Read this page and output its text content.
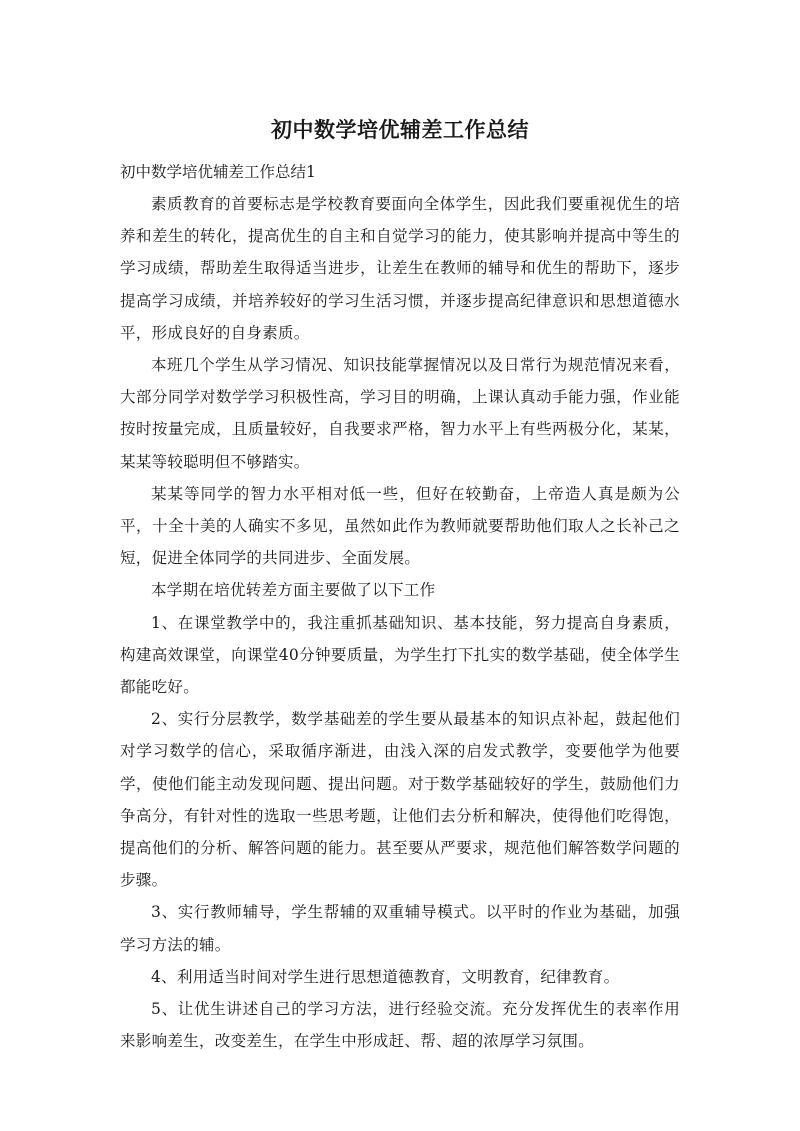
初中数学培优辅差工作总结

初中数学培优辅差工作总结1

素质教育的首要标志是学校教育要面向全体学生，因此我们要重视优生的培养和差生的转化，提高优生的自主和自觉学习的能力，使其影响并提高中等生的学习成绩，帮助差生取得适当进步，让差生在教师的辅导和优生的帮助下，逐步提高学习成绩，并培养较好的学习生活习惯，并逐步提高纪律意识和思想道德水平，形成良好的自身素质。

本班几个学生从学习情况、知识技能掌握情况以及日常行为规范情况来看，大部分同学对数学学习积极性高，学习目的明确，上课认真动手能力强，作业能按时按量完成，且质量较好，自我要求严格，智力水平上有些两极分化，某某，某某等较聪明但不够踏实。

某某等同学的智力水平相对低一些，但好在较勤奋，上帝造人真是颇为公平，十全十美的人确实不多见，虽然如此作为教师就要帮助他们取人之长补己之短，促进全体同学的共同进步、全面发展。

本学期在培优转差方面主要做了以下工作

1、在课堂教学中的，我注重抓基础知识、基本技能，努力提高自身素质，构建高效课堂，向课堂40分钟要质量，为学生打下扎实的数学基础，使全体学生都能吃好。

2、实行分层教学，数学基础差的学生要从最基本的知识点补起，鼓起他们对学习数学的信心，采取循序渐进，由浅入深的启发式教学，变要他学为他要学，使他们能主动发现问题、提出问题。对于数学基础较好的学生，鼓励他们力争高分，有针对性的选取一些思考题，让他们去分析和解决，使得他们吃得饱，提高他们的分析、解答问题的能力。甚至要从严要求，规范他们解答数学问题的步骤。

3、实行教师辅导，学生帮辅的双重辅导模式。以平时的作业为基础，加强学习方法的辅。

4、利用适当时间对学生进行思想道德教育，文明教育，纪律教育。

5、让优生讲述自己的学习方法，进行经验交流。充分发挥优生的表率作用来影响差生，改变差生，在学生中形成赶、帮、超的浓厚学习氛围。
